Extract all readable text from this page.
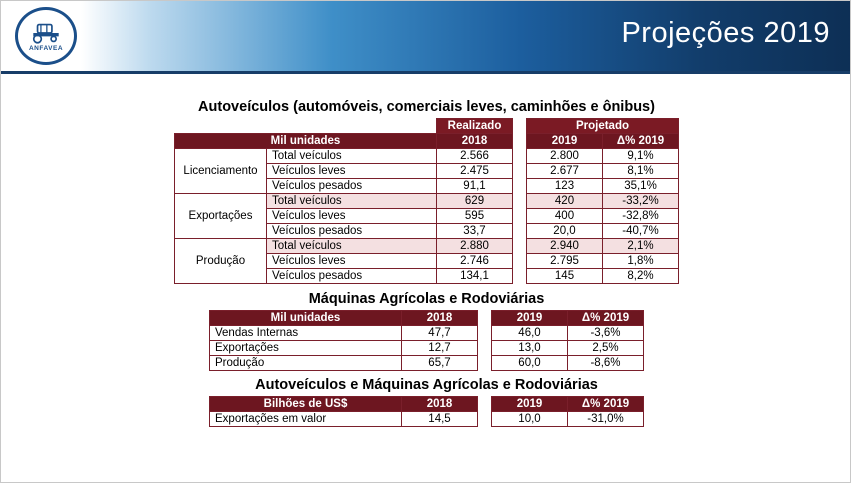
ANFAVEA	Projeções 2019
Autoveículos (automóveis, comerciais leves, caminhões e ônibus)
		Realizado		Projetado	
Mil unidades		2018		2019	Δ% 2019
Licenciamento	Total veículos	2.566		2.800	9,1%
	Veículos leves	2.475		2.677	8,1%
	Veículos pesados	91,1		123	35,1%
Exportações	Total veículos	629		420	-33,2%
	Veículos leves	595		400	-32,8%
	Veículos pesados	33,7		20,0	-40,7%
Produção	Total veículos	2.880		2.940	2,1%
	Veículos leves	2.746		2.795	1,8%
	Veículos pesados	134,1		145	8,2%
Máquinas Agrícolas e Rodoviárias
Mil unidades	2018		2019	Δ% 2019
Vendas Internas	47,7		46,0	-3,6%
Exportações	12,7		13,0	2,5%
Produção	65,7		60,0	-8,6%
Autoveículos e Máquinas Agrícolas e Rodoviárias
Bilhões de US$	2018		2019	Δ% 2019
Exportações em valor	14,5		10,0	-31,0%
